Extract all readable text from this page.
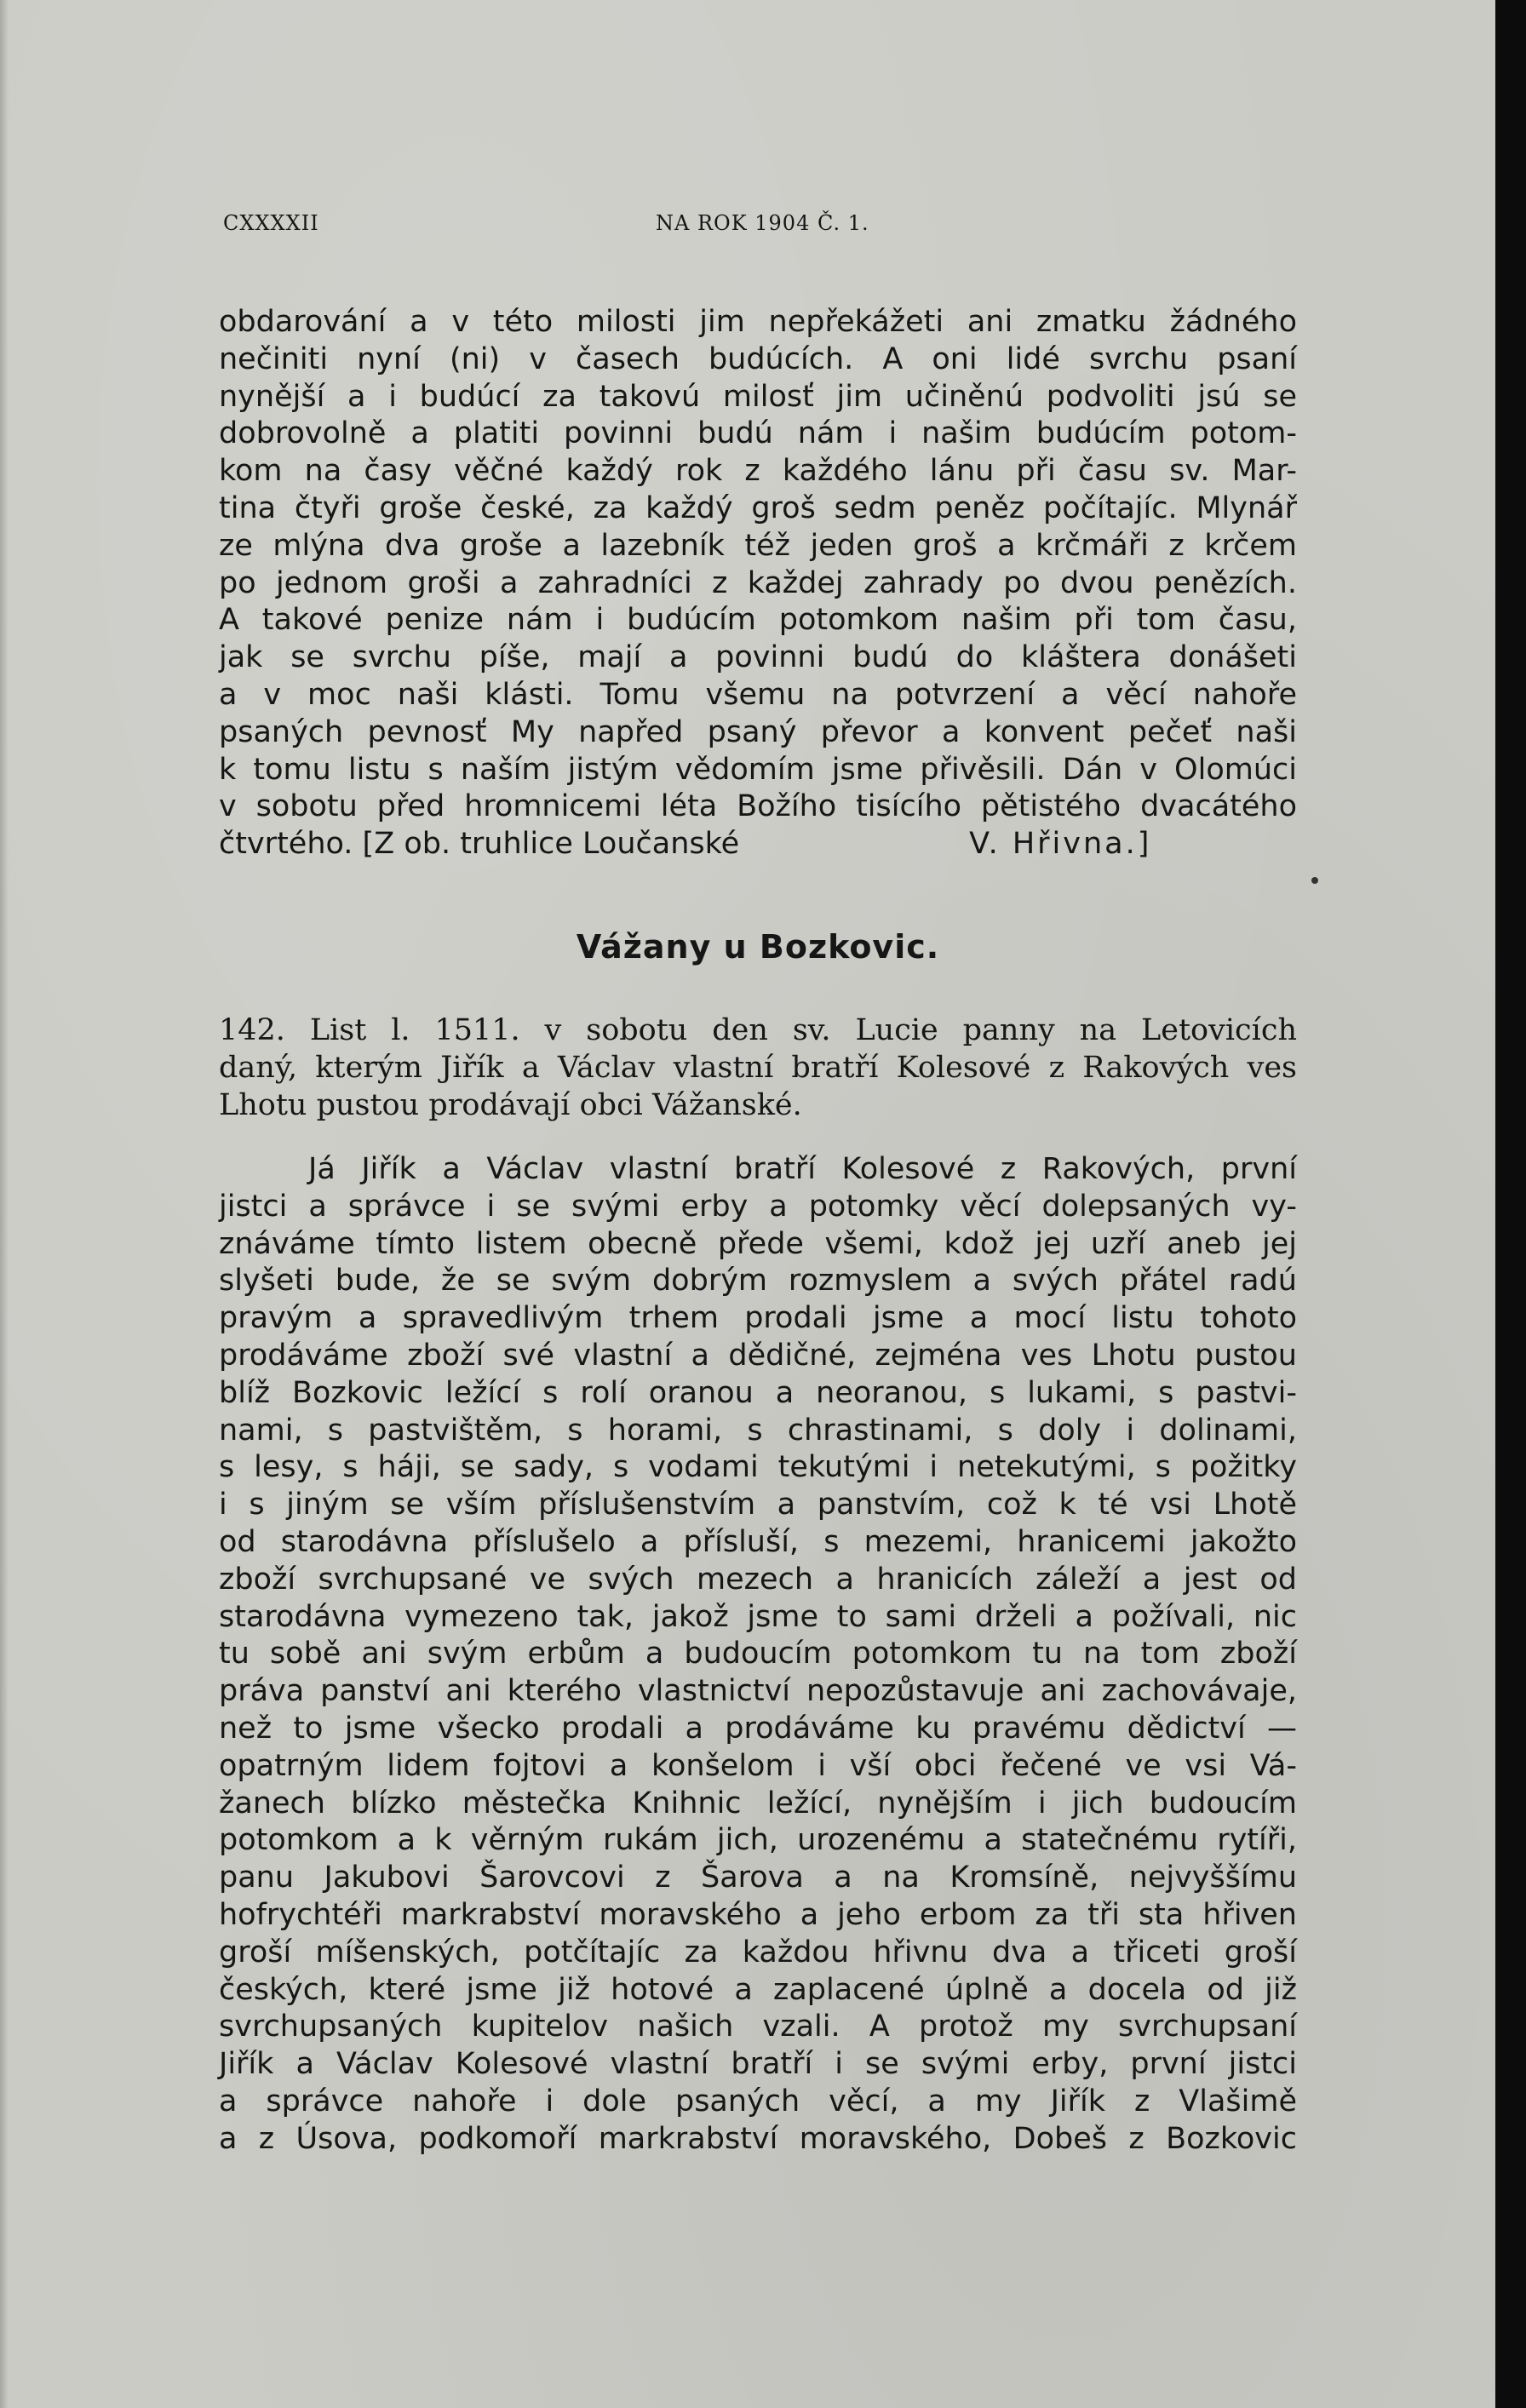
CXXXXII	NA ROK 1904 Č. 1.
obdarování a v této milosti jim nepřekážeti ani zmatku žádného
nečiniti nyní (ni) v časech budúcích. A oni lidé svrchu psaní
nynější a i budúcí za takovú milosť jim učiněnú podvoliti jsú se
dobrovolně a platiti povinni budú nám i našim budúcím potom-
kom na časy věčné každý rok z každého lánu při času sv. Mar-
tina čtyři groše české, za každý groš sedm peněz počítajíc. Mlynář
ze mlýna dva groše a lazebník též jeden groš a krčmáři z krčem
po jednom groši a zahradníci z každej zahrady po dvou penězích.
A takové penize nám i budúcím potomkom našim při tom času,
jak se svrchu píše, mají a povinni budú do kláštera donášeti
a v moc naši klásti. Tomu všemu na potvrzení a věcí nahoře
psaných pevnosť My napřed psaný převor a konvent pečeť naši
k tomu listu s naším jistým vědomím jsme přivěsili. Dán v Olomúci
v sobotu před hromnicemi léta Božího tisícího pětistého dvacátého
čtvrtého. [Z ob. truhlice Loučanské	V. Hřivna.]
Vážany u Bozkovic.
142. List l. 1511. v sobotu den sv. Lucie panny na Letovicích
daný, kterým Jiřík a Václav vlastní bratří Kolesové z Rakových ves
Lhotu pustou prodávají obci Vážanské.
Já Jiřík a Václav vlastní bratří Kolesové z Rakových, první
jistci a správce i se svými erby a potomky věcí dolepsaných vy-
znáváme tímto listem obecně přede všemi, kdož jej uzří aneb jej
slyšeti bude, že se svým dobrým rozmyslem a svých přátel radú
pravým a spravedlivým trhem prodali jsme a mocí listu tohoto
prodáváme zboží své vlastní a dědičné, zejména ves Lhotu pustou
blíž Bozkovic ležící s rolí oranou a neoranou, s lukami, s pastvi-
nami, s pastvištěm, s horami, s chrastinami, s doly i dolinami,
s lesy, s háji, se sady, s vodami tekutými i netekutými, s požitky
i s jiným se vším příslušenstvím a panstvím, což k té vsi Lhotě
od starodávna příslušelo a přísluší, s mezemi, hranicemi jakožto
zboží svrchupsané ve svých mezech a hranicích záleží a jest od
starodávna vymezeno tak, jakož jsme to sami drželi a požívali, nic
tu sobě ani svým erbům a budoucím potomkom tu na tom zboží
práva panství ani kterého vlastnictví nepozůstavuje ani zachovávaje,
než to jsme všecko prodali a prodáváme ku pravému dědictví —
opatrným lidem fojtovi a konšelom i vší obci řečené ve vsi Vá-
žanech blízko městečka Knihnic ležící, nynějším i jich budoucím
potomkom a k věrným rukám jich, urozenému a statečnému rytíři,
panu Jakubovi Šarovcovi z Šarova a na Kromsíně, nejvyššímu
hofrychtéři markrabství moravského a jeho erbom za tři sta hřiven
groší míšenských, potčítajíc za každou hřivnu dva a třiceti groší
českých, které jsme již hotové a zaplacené úplně a docela od již
svrchupsaných kupitelov našich vzali. A protož my svrchupsaní
Jiřík a Václav Kolesové vlastní bratří i se svými erby, první jistci
a správce nahoře i dole psaných věcí, a my Jiřík z Vlašimě
a z Úsova, podkomoří markrabství moravského, Dobeš z Bozkovic
